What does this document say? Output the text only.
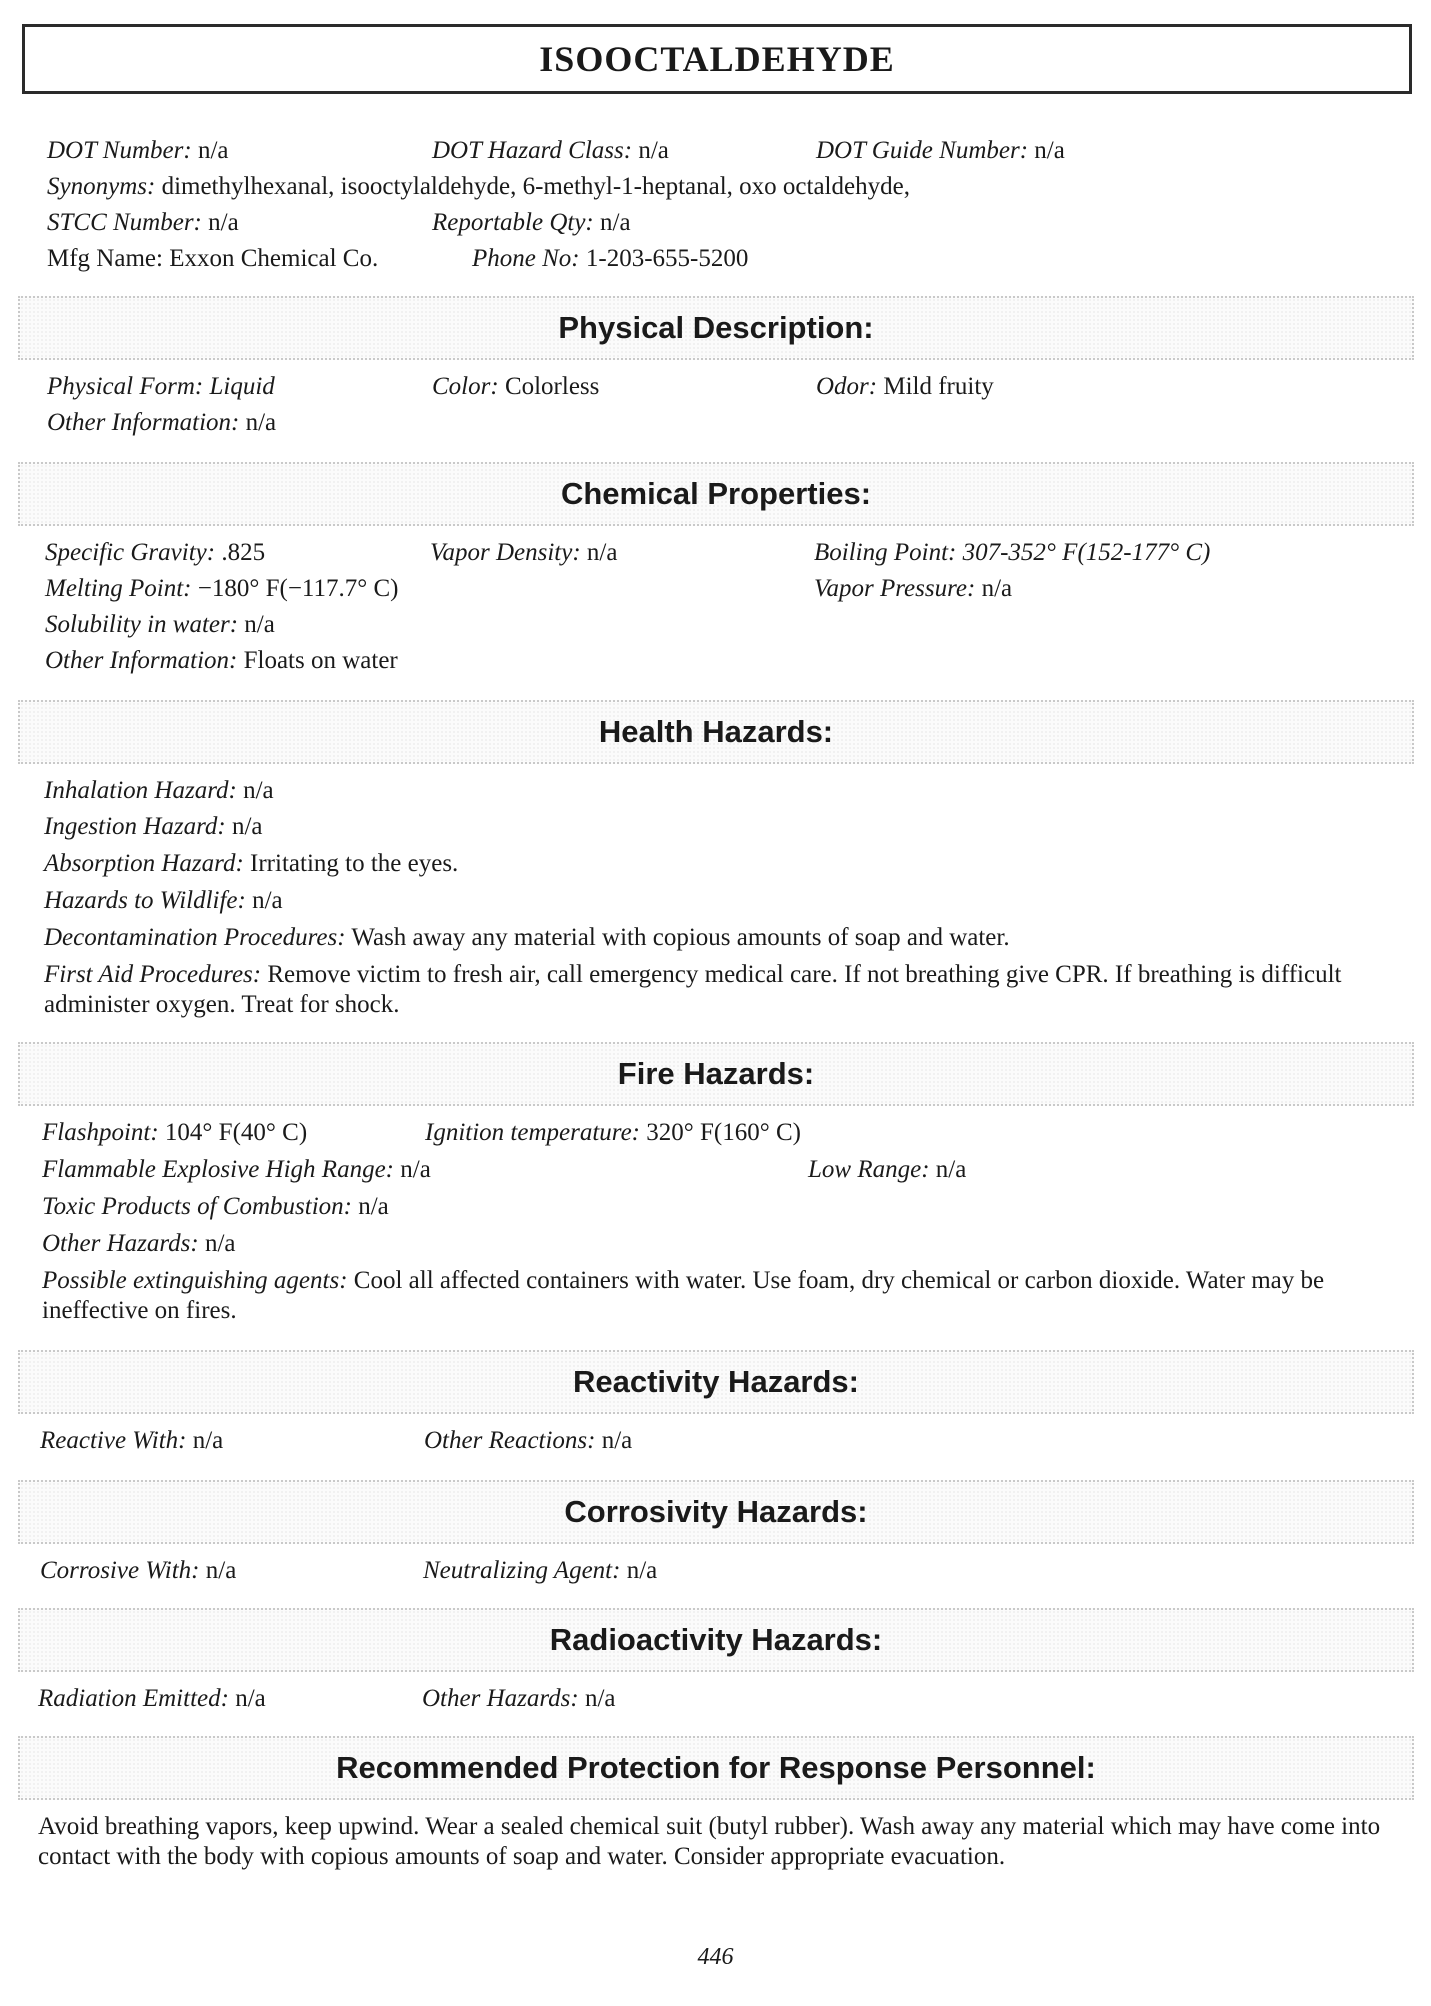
ISOOCTALDEHYDE
DOT Number: n/a	DOT Hazard Class: n/a	DOT Guide Number: n/a
Synonyms: dimethylhexanal, isooctylaldehyde, 6-methyl-1-heptanal, oxo octaldehyde,
STCC Number: n/a	Reportable Qty: n/a
Mfg Name: Exxon Chemical Co.	Phone No: 1-203-655-5200
Physical Description:
Physical Form: Liquid	Color: Colorless	Odor: Mild fruity
Other Information: n/a
Chemical Properties:
Specific Gravity: .825	Vapor Density: n/a	Boiling Point: 307-352° F(152-177° C)
Melting Point: −180° F(−117.7° C)	Vapor Pressure: n/a
Solubility in water: n/a
Other Information: Floats on water
Health Hazards:
Inhalation Hazard: n/a
Ingestion Hazard: n/a
Absorption Hazard: Irritating to the eyes.
Hazards to Wildlife: n/a
Decontamination Procedures: Wash away any material with copious amounts of soap and water.
First Aid Procedures: Remove victim to fresh air, call emergency medical care. If not breathing give CPR. If breathing is difficult administer oxygen. Treat for shock.
Fire Hazards:
Flashpoint: 104° F(40° C)	Ignition temperature: 320° F(160° C)
Flammable Explosive High Range: n/a	Low Range: n/a
Toxic Products of Combustion: n/a
Other Hazards: n/a
Possible extinguishing agents: Cool all affected containers with water. Use foam, dry chemical or carbon dioxide. Water may be ineffective on fires.
Reactivity Hazards:
Reactive With: n/a	Other Reactions: n/a
Corrosivity Hazards:
Corrosive With: n/a	Neutralizing Agent: n/a
Radioactivity Hazards:
Radiation Emitted: n/a	Other Hazards: n/a
Recommended Protection for Response Personnel:
Avoid breathing vapors, keep upwind. Wear a sealed chemical suit (butyl rubber). Wash away any material which may have come into contact with the body with copious amounts of soap and water. Consider appropriate evacuation.
446
